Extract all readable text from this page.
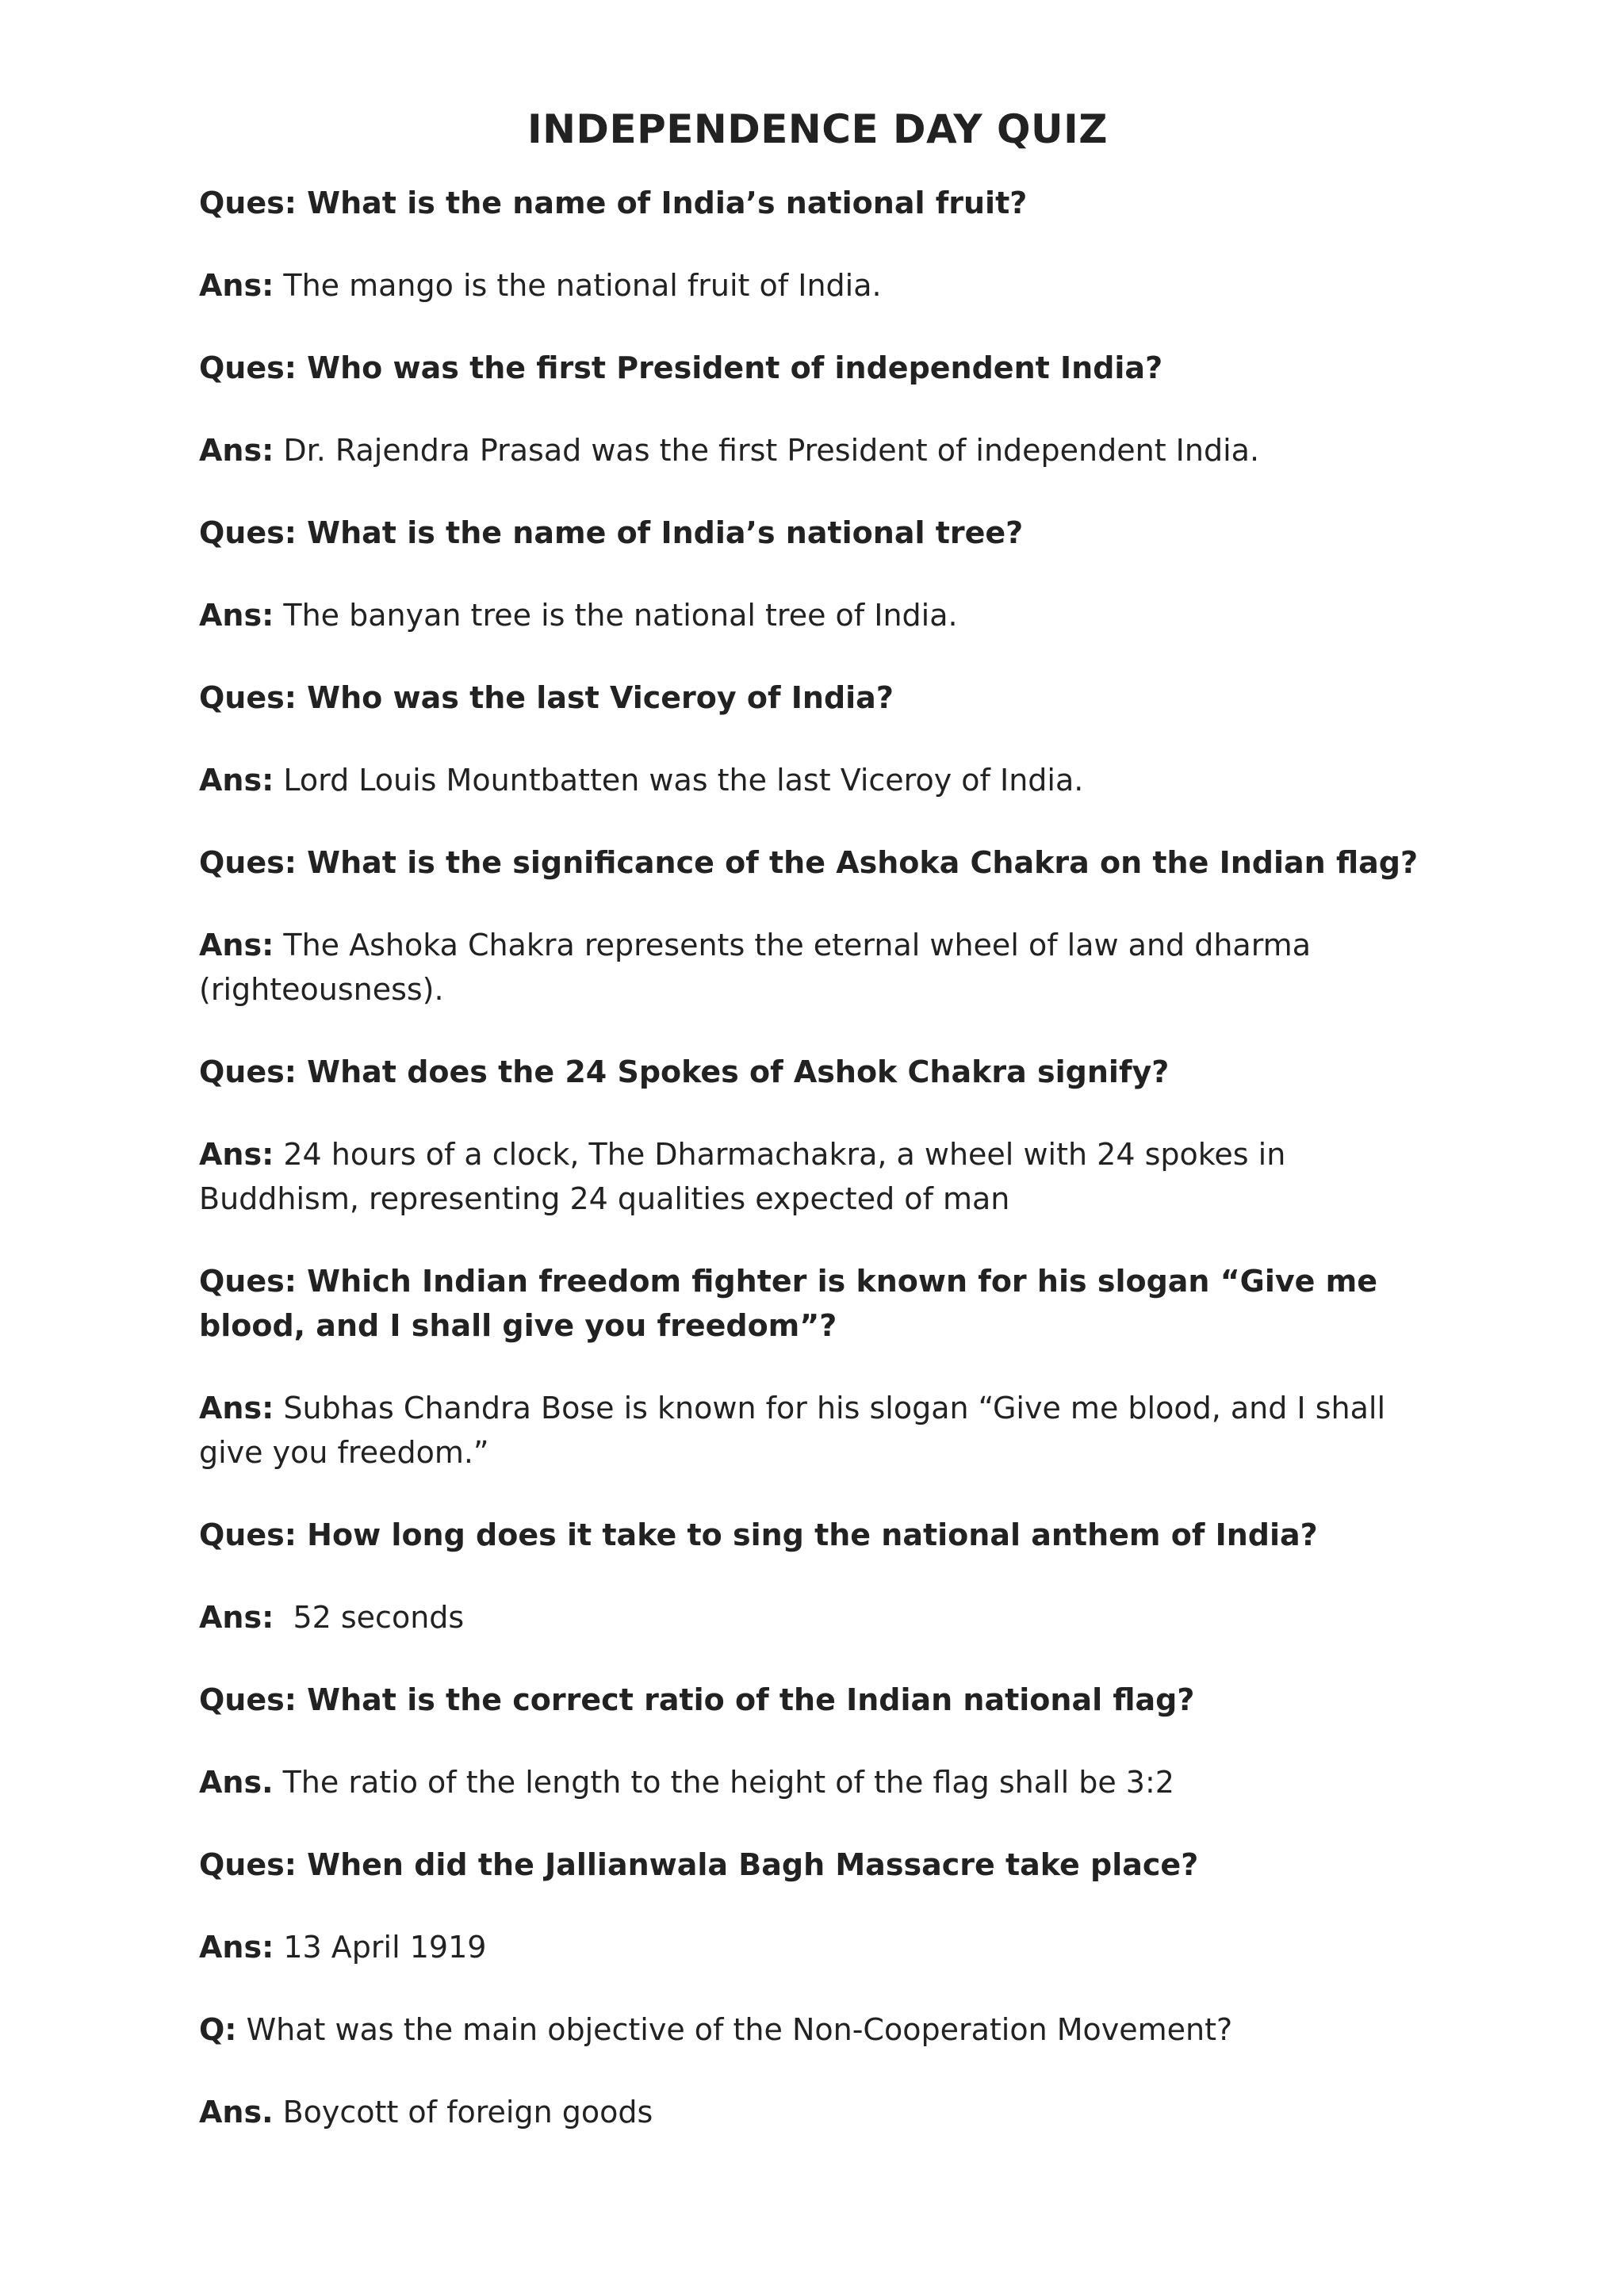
INDEPENDENCE DAY QUIZ

Ques: What is the name of India’s national fruit?

Ans: The mango is the national fruit of India.

Ques: Who was the first President of independent India?

Ans: Dr. Rajendra Prasad was the first President of independent India.

Ques: What is the name of India’s national tree?

Ans: The banyan tree is the national tree of India.

Ques: Who was the last Viceroy of India?

Ans: Lord Louis Mountbatten was the last Viceroy of India.

Ques: What is the significance of the Ashoka Chakra on the Indian flag?

Ans: The Ashoka Chakra represents the eternal wheel of law and dharma (righteousness).

Ques: What does the 24 Spokes of Ashok Chakra signify?

Ans: 24 hours of a clock, The Dharmachakra, a wheel with 24 spokes in Buddhism, representing 24 qualities expected of man

Ques: Which Indian freedom fighter is known for his slogan “Give me blood, and I shall give you freedom”?

Ans: Subhas Chandra Bose is known for his slogan “Give me blood, and I shall give you freedom.”

Ques: How long does it take to sing the national anthem of India?

Ans:  52 seconds

Ques: What is the correct ratio of the Indian national flag?

Ans. The ratio of the length to the height of the flag shall be 3:2

Ques: When did the Jallianwala Bagh Massacre take place?

Ans: 13 April 1919

Q: What was the main objective of the Non-Cooperation Movement?

Ans. Boycott of foreign goods
